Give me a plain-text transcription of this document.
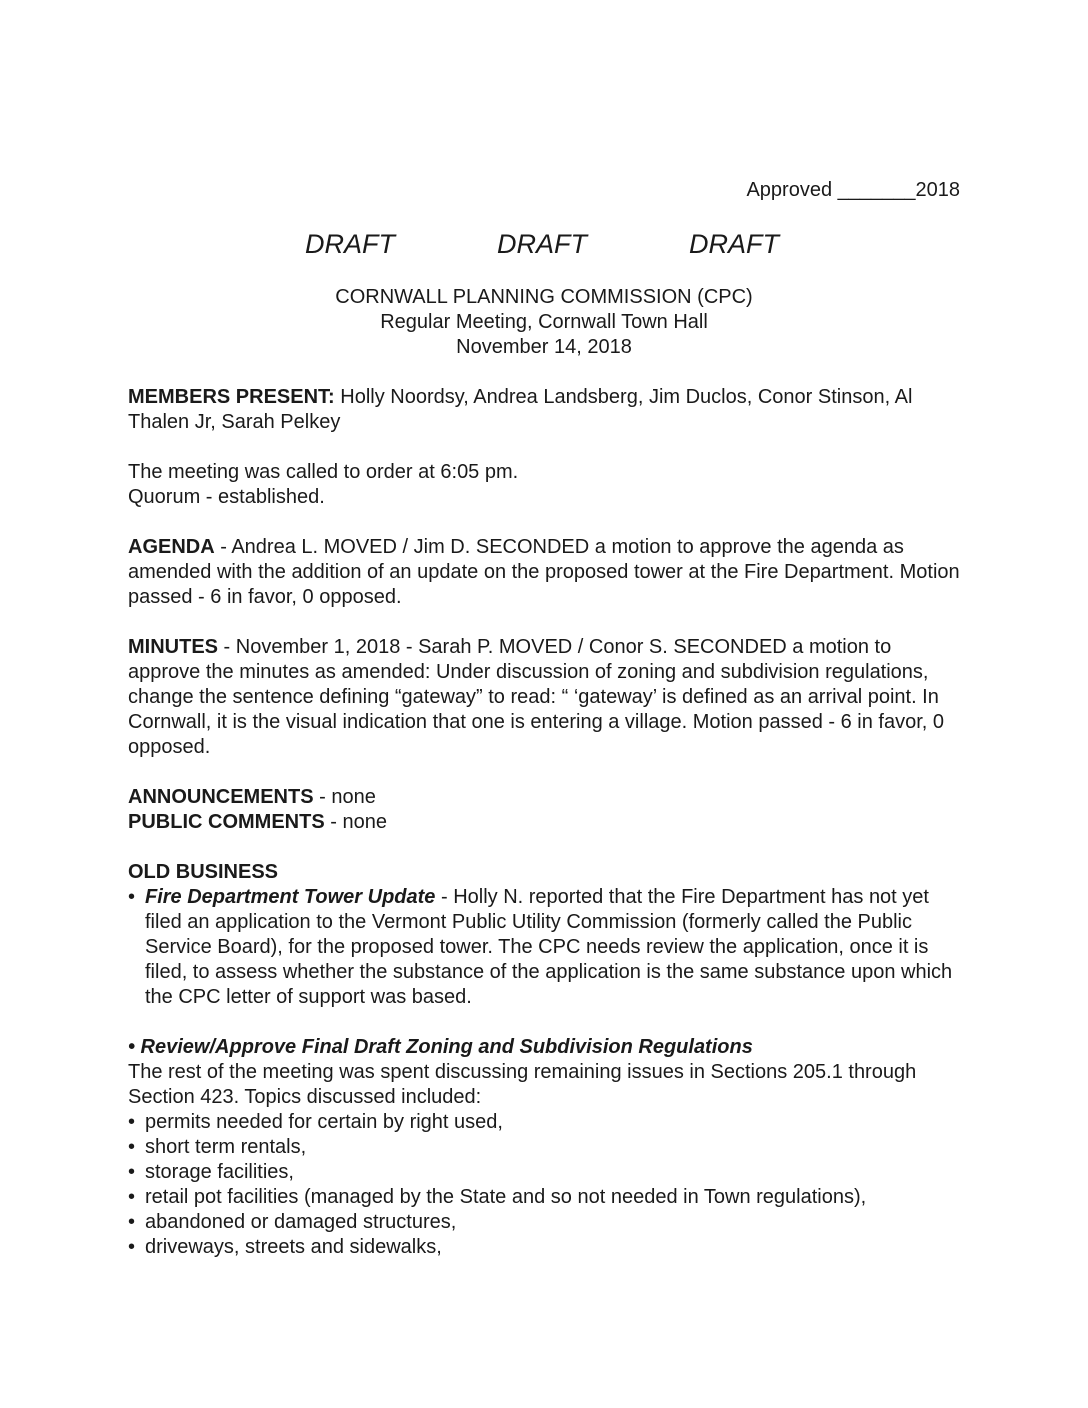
Approved _______2018
DRAFT	DRAFT	DRAFT
CORNWALL PLANNING COMMISSION (CPC)
Regular Meeting, Cornwall Town Hall
November 14, 2018

MEMBERS PRESENT: Holly Noordsy, Andrea Landsberg, Jim Duclos, Conor Stinson, Al Thalen Jr, Sarah Pelkey

The meeting was called to order at 6:05 pm.
Quorum - established.

AGENDA - Andrea L. MOVED / Jim D. SECONDED a motion to approve the agenda as amended with the addition of an update on the proposed tower at the Fire Department. Motion passed - 6 in favor, 0 opposed.

MINUTES - November 1, 2018 - Sarah P. MOVED / Conor S. SECONDED a motion to approve the minutes as amended: Under discussion of zoning and subdivision regulations, change the sentence defining “gateway” to read: “ ‘gateway’ is defined as an arrival point. In Cornwall, it is the visual indication that one is entering a village. Motion passed - 6 in favor, 0 opposed.

ANNOUNCEMENTS - none

PUBLIC COMMENTS - none

OLD BUSINESS
• Fire Department Tower Update - Holly N. reported that the Fire Department has not yet filed an application to the Vermont Public Utility Commission (formerly called the Public Service Board), for the proposed tower. The CPC needs review the application, once it is filed, to assess whether the substance of the application is the same substance upon which the CPC letter of support was based.
• Review/Approve Final Draft Zoning and Subdivision Regulations
The rest of the meeting was spent discussing remaining issues in Sections 205.1 through Section 423. Topics discussed included:
• permits needed for certain by right used,
• short term rentals,
• storage facilities,
• retail pot facilities (managed by the State and so not needed in Town regulations),
• abandoned or damaged structures,
• driveways, streets and sidewalks,
